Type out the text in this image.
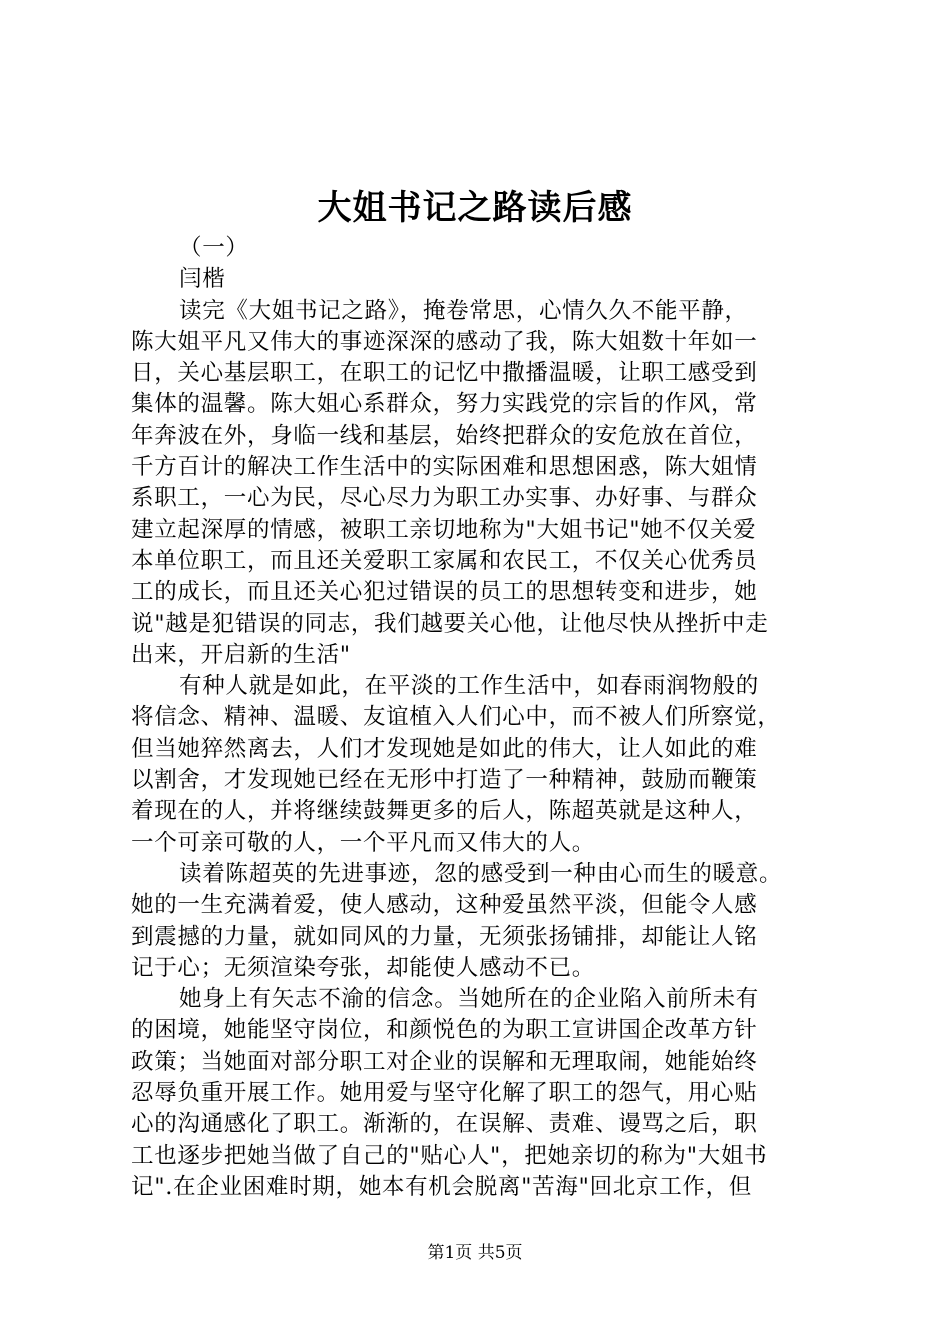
大姐书记之路读后感
（一）
闫楷
读完《大姐书记之路》，掩卷常思，心情久久不能平静，
陈大姐平凡又伟大的事迹深深的感动了我，陈大姐数十年如一
日，关心基层职工，在职工的记忆中撒播温暖，让职工感受到
集体的温馨。陈大姐心系群众，努力实践党的宗旨的作风，常
年奔波在外，身临一线和基层，始终把群众的安危放在首位，
千方百计的解决工作生活中的实际困难和思想困惑，陈大姐情
系职工，一心为民，尽心尽力为职工办实事、办好事、与群众
建立起深厚的情感，被职工亲切地称为"大姐书记"她不仅关爱
本单位职工，而且还关爱职工家属和农民工，不仅关心优秀员
工的成长，而且还关心犯过错误的员工的思想转变和进步，她
说"越是犯错误的同志，我们越要关心他，让他尽快从挫折中走
出来，开启新的生活"
有种人就是如此，在平淡的工作生活中，如春雨润物般的
将信念、精神、温暖、友谊植入人们心中，而不被人们所察觉，
但当她猝然离去，人们才发现她是如此的伟大，让人如此的难
以割舍，才发现她已经在无形中打造了一种精神，鼓励而鞭策
着现在的人，并将继续鼓舞更多的后人，陈超英就是这种人，
一个可亲可敬的人，一个平凡而又伟大的人。
读着陈超英的先进事迹，忽的感受到一种由心而生的暖意。
她的一生充满着爱，使人感动，这种爱虽然平淡，但能令人感
到震撼的力量，就如同风的力量，无须张扬铺排，却能让人铭
记于心；无须渲染夸张，却能使人感动不已。
她身上有矢志不渝的信念。当她所在的企业陷入前所未有
的困境，她能坚守岗位，和颜悦色的为职工宣讲国企改革方针
政策；当她面对部分职工对企业的误解和无理取闹，她能始终
忍辱负重开展工作。她用爱与坚守化解了职工的怨气，用心贴
心的沟通感化了职工。渐渐的，在误解、责难、谩骂之后，职
工也逐步把她当做了自己的"贴心人"，把她亲切的称为"大姐书
记".在企业困难时期，她本有机会脱离"苦海"回北京工作，但
第1页 共5页
